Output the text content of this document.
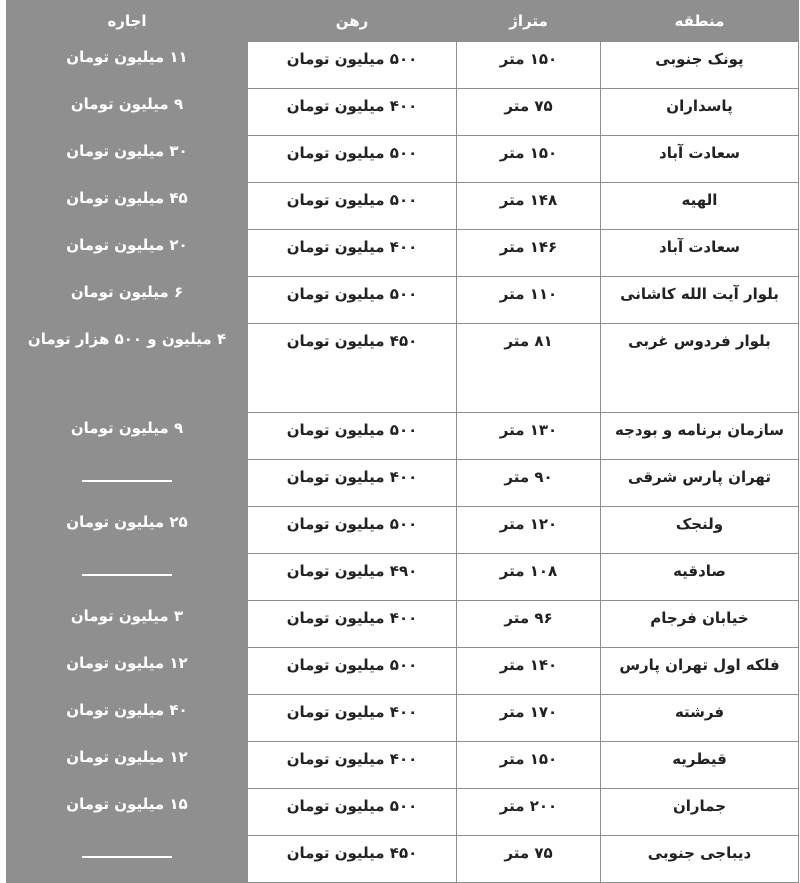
منطقه	متراژ	رهن	اجاره
پونک جنوبی	۱۵۰ متر	۵۰۰ میلیون تومان	۱۱ میلیون تومان
پاسداران	۷۵ متر	۴۰۰ میلیون تومان	۹ میلیون تومان
سعادت آباد	۱۵۰ متر	۵۰۰ میلیون تومان	۳۰ میلیون تومان
الهیه	۱۴۸ متر	۵۰۰ میلیون تومان	۴۵ میلیون تومان
سعادت آباد	۱۴۶ متر	۴۰۰ میلیون تومان	۲۰ میلیون تومان
بلوار آیت الله کاشانی	۱۱۰ متر	۵۰۰ میلیون تومان	۶ میلیون تومان
بلوار فردوس غربی	۸۱ متر	۴۵۰ میلیون تومان	۴ میلیون و ۵۰۰ هزار تومان
سازمان برنامه و بودجه	۱۳۰ متر	۵۰۰ میلیون تومان	۹ میلیون تومان
تهران پارس شرقی	۹۰ متر	۴۰۰ میلیون تومان	

ولنجک	۱۲۰ متر	۵۰۰ میلیون تومان	۲۵ میلیون تومان
صادقیه	۱۰۸ متر	۴۹۰ میلیون تومان	

خیابان فرجام	۹۶ متر	۴۰۰ میلیون تومان	۳ میلیون تومان
فلکه اول تهران پارس	۱۴۰ متر	۵۰۰ میلیون تومان	۱۲ میلیون تومان
فرشته	۱۷۰ متر	۴۰۰ میلیون تومان	۴۰ میلیون تومان
قیطریه	۱۵۰ متر	۴۰۰ میلیون تومان	۱۲ میلیون تومان
جماران	۲۰۰ متر	۵۰۰ میلیون تومان	۱۵ میلیون تومان
دیباجی جنوبی	۷۵ متر	۴۵۰ میلیون تومان	
